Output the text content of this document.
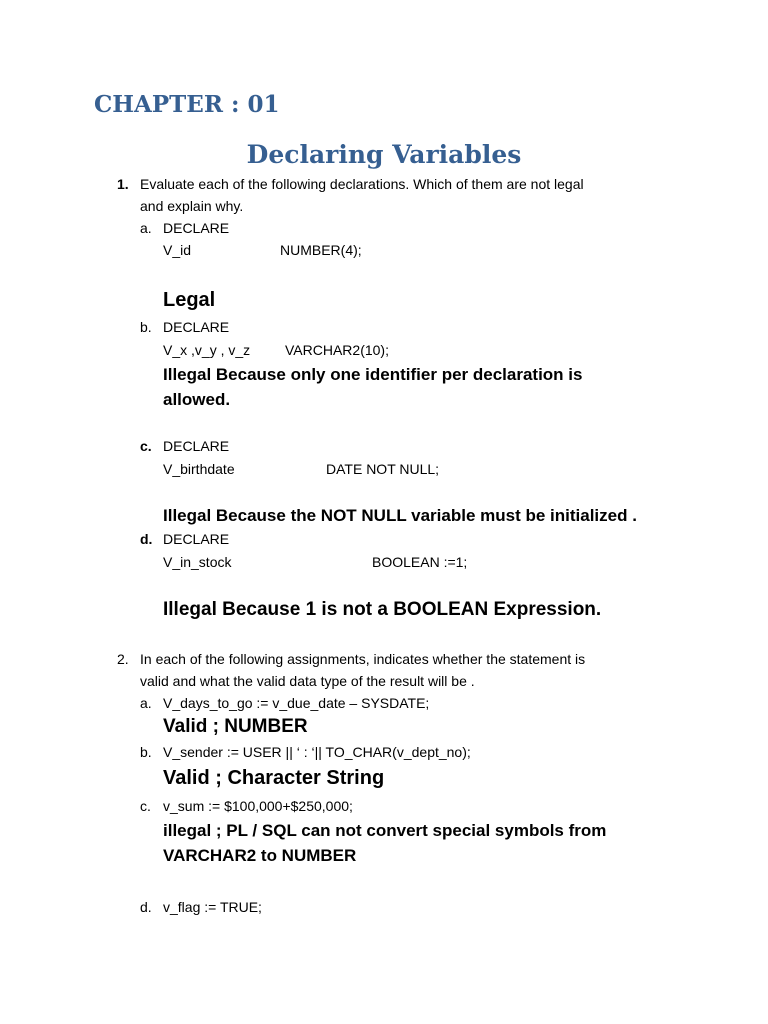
CHAPTER : 01
Declaring Variables
1. Evaluate each of the following declarations. Which of them are not legal
and explain why.
a. DECLARE
V_id	NUMBER(4);
Legal
b. DECLARE
V_x ,v_y , v_z VARCHAR2(10);
Illegal Because only one identifier per declaration is
allowed.
c. DECLARE
V_birthdate	DATE NOT NULL;
Illegal Because the NOT NULL variable must be initialized .
d. DECLARE
V_in_stock	BOOLEAN :=1;
Illegal Because 1 is not a BOOLEAN Expression.
2. In each of the following assignments, indicates whether the statement is
valid and what the valid data type of the result will be .
a. V_days_to_go := v_due_date – SYSDATE;
Valid ; NUMBER
b. V_sender := USER || ‘ : ‘|| TO_CHAR(v_dept_no);
Valid ; Character String
c. v_sum := $100,000+$250,000;
illegal ; PL / SQL can not convert special symbols from
VARCHAR2 to NUMBER
d. v_flag := TRUE;
